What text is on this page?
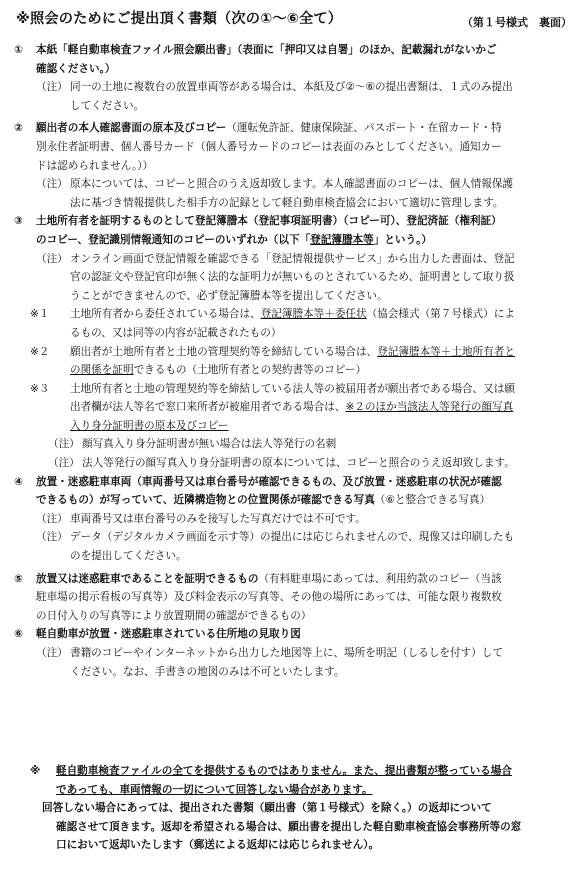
※照会のためにご提出頂く書類（次の①～⑥全て）	（第１号様式　裏面）
①	本紙「軽自動車検査ファイル照会願出書」（表面に「押印又は自署」のほか、記載漏れがないかご
確認ください。）
（注） 同一の土地に複数台の放置車両等がある場合は、本紙及び②～⑥の提出書類は、１式のみ提出
してください。
②	願出者の本人確認書面の原本及びコピー（運転免許証、健康保険証、パスポート・在留カード・特
別永住者証明書、個人番号カード（個人番号カードのコピーは表面のみとしてください。通知カー
ドは認められません。））
（注） 原本については、コピーと照合のうえ返却致します。本人確認書面のコピーは、個人情報保護
法に基づき情報提供した相手方の記録として軽自動車検査協会において適切に管理します。
③	土地所有者を証明するものとして登記簿謄本（登記事項証明書）（コピー可）、登記済証（権利証）
のコピー、登記識別情報通知のコピーのいずれか（以下「登記簿謄本等」という。）
（注） オンライン画面で登記情報を確認できる「登記情報提供サービス」から出力した書面は、登記
官の認証文や登記官印が無く法的な証明力が無いものとされているため、証明書として取り扱
うことができませんので、必ず登記簿謄本等を提出してください。
※１	土地所有者から委任されている場合は、登記簿謄本等＋委任状（協会様式（第７号様式）によ
るもの、又は同等の内容が記載されたもの）
※２	願出者が土地所有者と土地の管理契約等を締結している場合は、登記簿謄本等＋土地所有者と
の関係を証明できるもの（土地所有者との契約書等のコピー）
※３	土地所有者と土地の管理契約等を締結している法人等の被届用者が願出者である場合、又は願
出者欄が法人等名で窓口来所者が被雇用者である場合は、※２のほか当該法人等発行の顔写真
入り身分証明書の原本及びコピー
（注） 顔写真入り身分証明書が無い場合は法人等発行の名刺
（注） 法人等発行の顔写真入り身分証明書の原本については、コピーと照合のうえ返却致します。
④	放置・迷惑駐車車両（車両番号又は車台番号が確認できるもの、及び放置・迷惑駐車の状況が確認
できるもの）が写っていて、近隣構造物との位置関係が確認できる写真（⑥と整合できる写真）
（注） 車両番号又は車台番号のみを接写した写真だけでは不可です。
（注） データ（デジタルカメラ画面を示す等）の提出には応じられませんので、現像又は印刷したも
のを提出してください。
⑤	放置又は迷惑駐車であることを証明できるもの（有料駐車場にあっては、利用約款のコピー（当該
駐車場の掲示看板の写真等）及び料金表示の写真等、その他の場所にあっては、可能な限り複数枚
の日付入りの写真等により放置期間の確認ができるもの）
⑥	軽自動車が放置・迷惑駐車されている住所地の見取り図
（注） 書籍のコピーやインターネットから出力した地図等上に、場所を明記（しるしを付す）して
ください。なお、手書きの地図のみは不可といたします。
※	軽自動車検査ファイルの全てを提供するものではありません。また、提出書類が整っている場合
であっても、車両情報の一切について回答しない場合があります。
回答しない場合にあっては、提出された書類（願出書（第１号様式）を除く。）の返却について
確認させて頂きます。返却を希望される場合は、願出書を提出した軽自動車検査協会事務所等の窓
口において返却いたします（郵送による返却には応じられません）。
